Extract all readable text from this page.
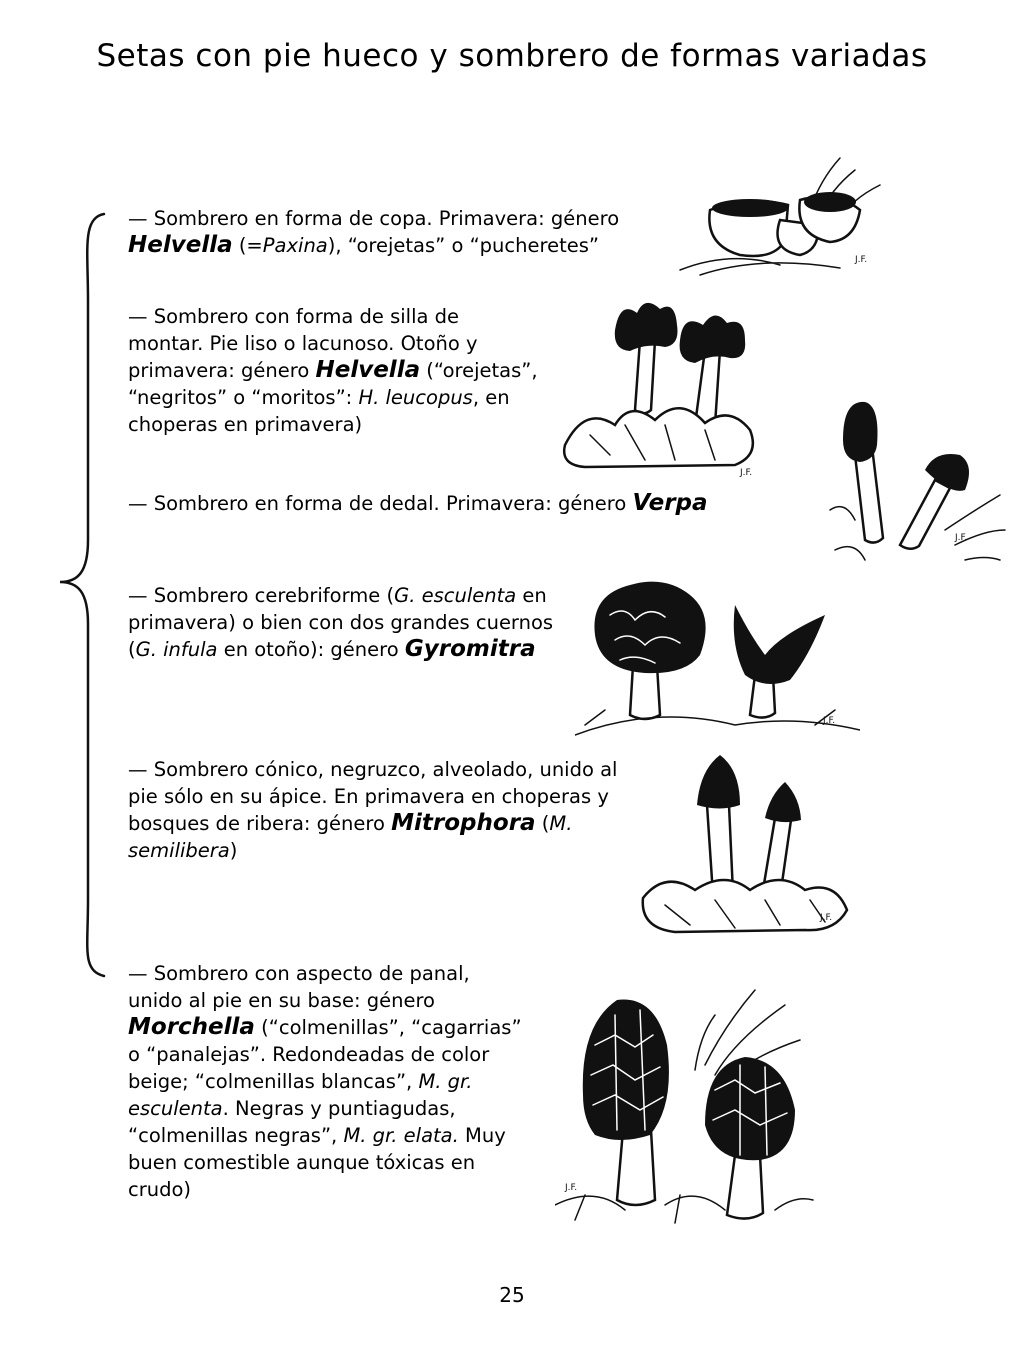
Setas con pie hueco y sombrero de formas variadas
— Sombrero en forma de copa. Primavera: género Helvella (=Paxina), “orejetas” o “pucheretes”
— Sombrero con forma de silla de montar. Pie liso o lacunoso. Otoño y primavera: género Helvella (“orejetas”, “negritos” o “moritos”: H. leucopus, en choperas en primavera)
— Sombrero en forma de dedal. Primavera: género Verpa
— Sombrero cerebriforme (G. esculenta en primavera) o bien con dos grandes cuernos (G. infula en otoño): género Gyromitra
— Sombrero cónico, negruzco, alveolado, unido al pie sólo en su ápice. En primavera en choperas y bosques de ribera: género Mitrophora (M. semilibera)
— Sombrero con aspecto de panal, unido al pie en su base: género Morchella (“colmenillas”, “cagarrias” o “panalejas”. Redondeadas de color beige; “colmenillas blancas”, M. gr. esculenta. Negras y puntiagudas, “colmenillas negras”, M. gr. elata. Muy buen comestible aunque tóxicas en crudo)
J.F.
J.F.
J.F.
J.F.
J.F.
J.F.
25
